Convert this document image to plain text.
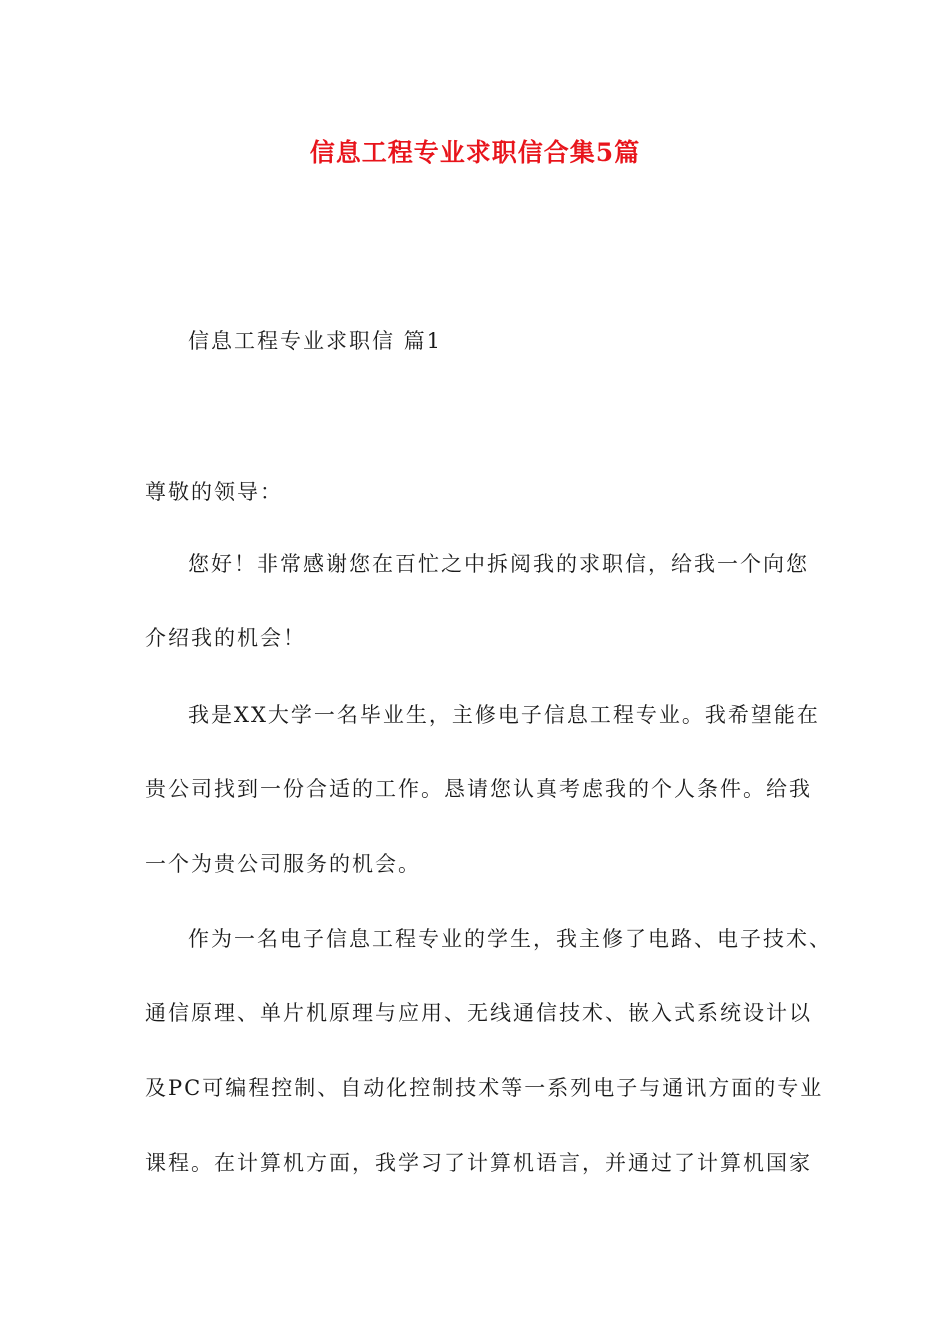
信息工程专业求职信合集5篇
信息工程专业求职信 篇1
尊敬的领导：
您好！非常感谢您在百忙之中拆阅我的求职信，给我一个向您
介绍我的机会！
我是XX大学一名毕业生，主修电子信息工程专业。我希望能在
贵公司找到一份合适的工作。恳请您认真考虑我的个人条件。给我
一个为贵公司服务的机会。
作为一名电子信息工程专业的学生，我主修了电路、电子技术、
通信原理、单片机原理与应用、无线通信技术、嵌入式系统设计以
及PC可编程控制、自动化控制技术等一系列电子与通讯方面的专业
课程。在计算机方面，我学习了计算机语言，并通过了计算机国家
